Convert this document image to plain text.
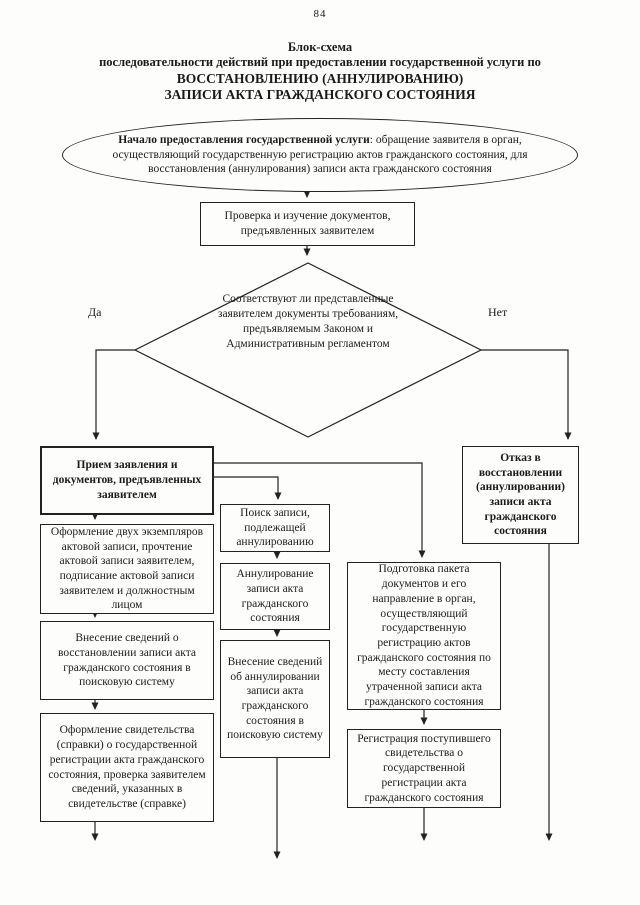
84
Блок-схема
последовательности действий при предоставлении государственной услуги по
ВОССТАНОВЛЕНИЮ (АННУЛИРОВАНИЮ)
ЗАПИСИ АКТА ГРАЖДАНСКОГО СОСТОЯНИЯ
Начало предоставления государственной услуги: обращение заявителя в орган, осуществляющий государственную регистрацию актов гражданского состояния, для восстановления (аннулирования) записи акта гражданского состояния
Проверка и изучение документов, предъявленных заявителем
Соответствуют ли представленные заявителем документы требованиям, предъявляемым Законом и Административным регламентом
Да	Нет
Прием заявления и документов, предъявленных заявителем
Оформление двух экземпляров актовой записи, прочтение актовой записи заявителем, подписание актовой записи заявителем и должностным лицом
Внесение сведений о восстановлении записи акта гражданского состояния в поисковую систему
Оформление свидетельства (справки) о государственной регистрации акта гражданского состояния, проверка заявителем сведений, указанных в свидетельстве (справке)
Поиск записи, подлежащей аннулированию
Аннулирование записи акта гражданского состояния
Внесение сведений об аннулировании записи акта гражданского состояния в поисковую систему
Подготовка пакета документов и его направление в орган, осуществляющий государственную регистрацию актов гражданского состояния по месту составления утраченной записи акта гражданского состояния
Регистрация поступившего свидетельства о государственной регистрации акта гражданского состояния
Отказ в восстановлении (аннулировании) записи акта гражданского состояния
